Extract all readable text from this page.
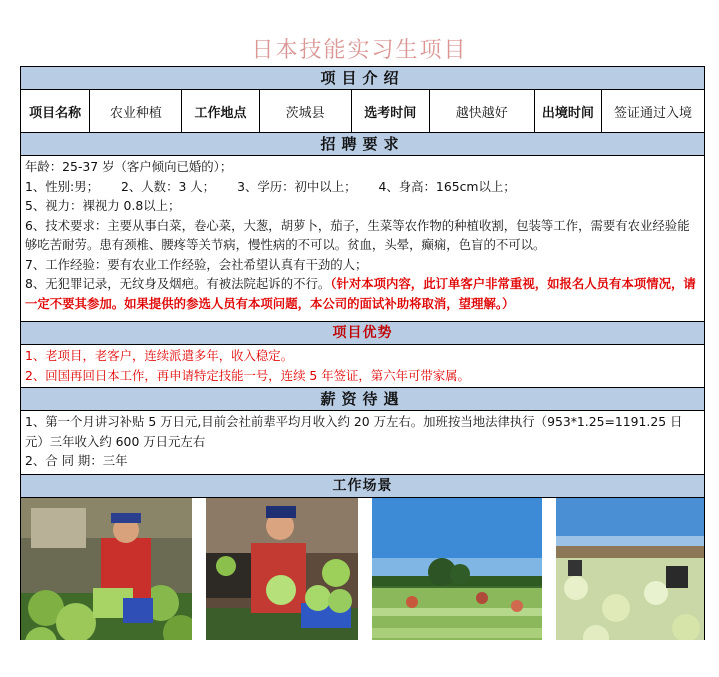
日本技能实习生项目
项目介绍
项目名称	农业种植	工作地点	茨城县	选考时间	越快越好	出境时间	签证通过入境
招聘要求
年龄：25-37 岁（客户倾向已婚的）；
1、性别:男； 2、人数：3 人； 3、学历：初中以上； 4、身高：165cm以上；
5、视力：裸视力 0.8以上；
6、技术要求：主要从事白菜，卷心菜，大葱，胡萝卜，茄子，生菜等农作物的种植收割，包装等工作，需要有农业经验能够吃苦耐劳。患有颈椎、腰疼等关节病，慢性病的不可以。贫血，头晕，癫痫，色盲的不可以。
7、工作经验：要有农业工作经验，会社希望认真有干劲的人；
8、无犯罪记录，无纹身及烟疤。有被法院起诉的不行。（针对本项内容，此订单客户非常重视，如报名人员有本项情况，请一定不要其参加。如果提供的参选人员有本项问题，本公司的面试补助将取消，望理解。）
项目优势
1、老项目，老客户，连续派遣多年，收入稳定。
2、回国再回日本工作，再申请特定技能一号，连续 5 年签证，第六年可带家属。
薪资待遇
1、第一个月讲习补贴 5 万日元,目前会社前辈平均月收入约 20 万左右。加班按当地法律执行（953*1.25=1191.25 日元）三年收入约 600 万日元左右
2、合 同 期：三年
工作场景
